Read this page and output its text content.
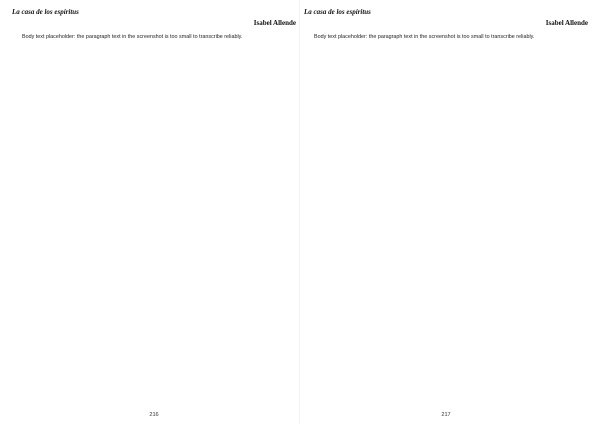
La casa de los espíritus
Isabel Allende

Body text placeholder: the paragraph text in the screenshot is too small to transcribe reliably.

216
La casa de los espíritus
Isabel Allende

Body text placeholder: the paragraph text in the screenshot is too small to transcribe reliably.

217
